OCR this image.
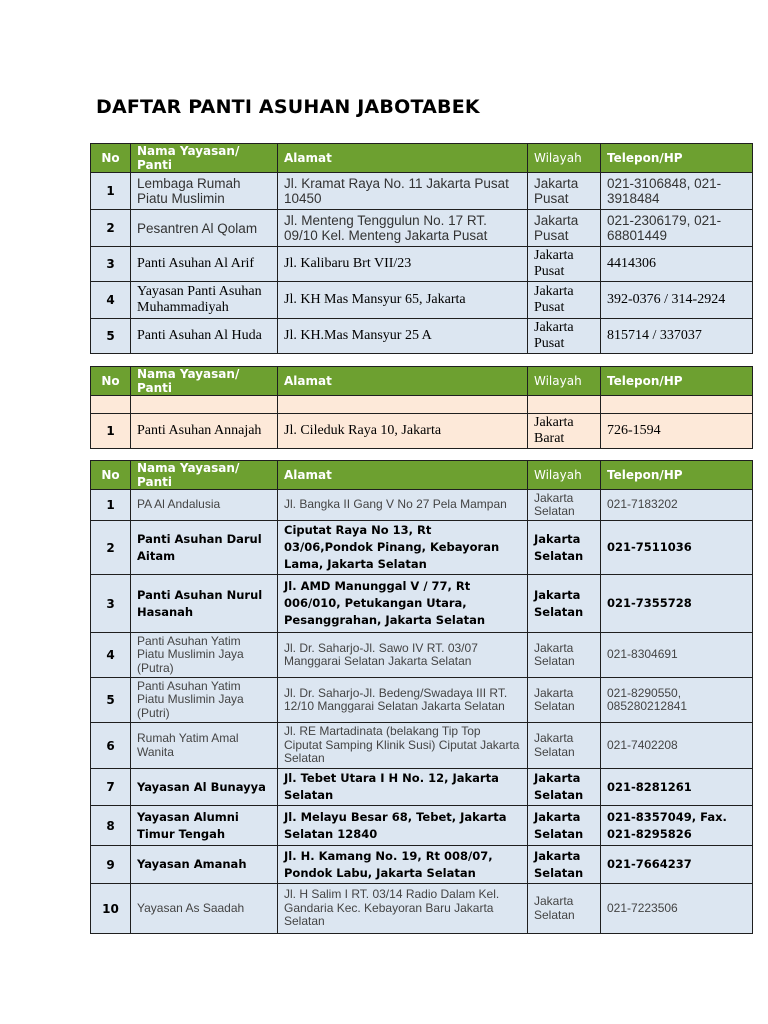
DAFTAR PANTI ASUHAN JABOTABEK
No	Nama Yayasan/ Panti	Alamat	Wilayah	Telepon/HP
1	Lembaga Rumah Piatu Muslimin	Jl. Kramat Raya No. 11 Jakarta Pusat 10450	Jakarta Pusat	021-3106848, 021-3918484
2	Pesantren Al Qolam	Jl. Menteng Tenggulun No. 17 RT. 09/10 Kel. Menteng Jakarta Pusat	Jakarta Pusat	021-2306179, 021-68801449
3	Panti Asuhan Al Arif	Jl. Kalibaru Brt VII/23	Jakarta Pusat	4414306
4	Yayasan Panti Asuhan Muhammadiyah	Jl. KH Mas Mansyur 65, Jakarta	Jakarta Pusat	392-0376 / 314-2924
5	Panti Asuhan Al Huda	Jl. KH.Mas Mansyur 25 A	Jakarta Pusat	815714 / 337037
No	Nama Yayasan/ Panti	Alamat	Wilayah	Telepon/HP

1	Panti Asuhan Annajah	Jl. Cileduk Raya 10, Jakarta	Jakarta Barat	726-1594
No	Nama Yayasan/ Panti	Alamat	Wilayah	Telepon/HP
1	PA Al Andalusia	Jl. Bangka II Gang V No 27 Pela Mampan	Jakarta Selatan	021-7183202
2	Panti Asuhan Darul Aitam	Ciputat Raya No 13, Rt 03/06,Pondok Pinang, Kebayoran Lama, Jakarta Selatan	Jakarta Selatan	021-7511036
3	Panti Asuhan Nurul Hasanah	Jl. AMD Manunggal V / 77, Rt 006/010, Petukangan Utara, Pesanggrahan, Jakarta Selatan	Jakarta Selatan	021-7355728
4	Panti Asuhan Yatim Piatu Muslimin Jaya (Putra)	Jl. Dr. Saharjo-Jl. Sawo IV RT. 03/07 Manggarai Selatan Jakarta Selatan	Jakarta Selatan	021-8304691
5	Panti Asuhan Yatim Piatu Muslimin Jaya (Putri)	Jl. Dr. Saharjo-Jl. Bedeng/Swadaya III RT. 12/10 Manggarai Selatan Jakarta Selatan	Jakarta Selatan	021-8290550, 085280212841
6	Rumah Yatim Amal Wanita	Jl. RE Martadinata (belakang Tip Top Ciputat Samping Klinik Susi) Ciputat Jakarta Selatan	Jakarta Selatan	021-7402208
7	Yayasan Al Bunayya	Jl. Tebet Utara I H No. 12, Jakarta Selatan	Jakarta Selatan	021-8281261
8	Yayasan Alumni Timur Tengah	Jl. Melayu Besar 68, Tebet, Jakarta Selatan 12840	Jakarta Selatan	021-8357049, Fax. 021-8295826
9	Yayasan Amanah	Jl. H. Kamang No. 19, Rt 008/07, Pondok Labu, Jakarta Selatan	Jakarta Selatan	021-7664237
10	Yayasan As Saadah	Jl. H Salim I RT. 03/14 Radio Dalam Kel. Gandaria Kec. Kebayoran Baru Jakarta Selatan	Jakarta Selatan	021-7223506
